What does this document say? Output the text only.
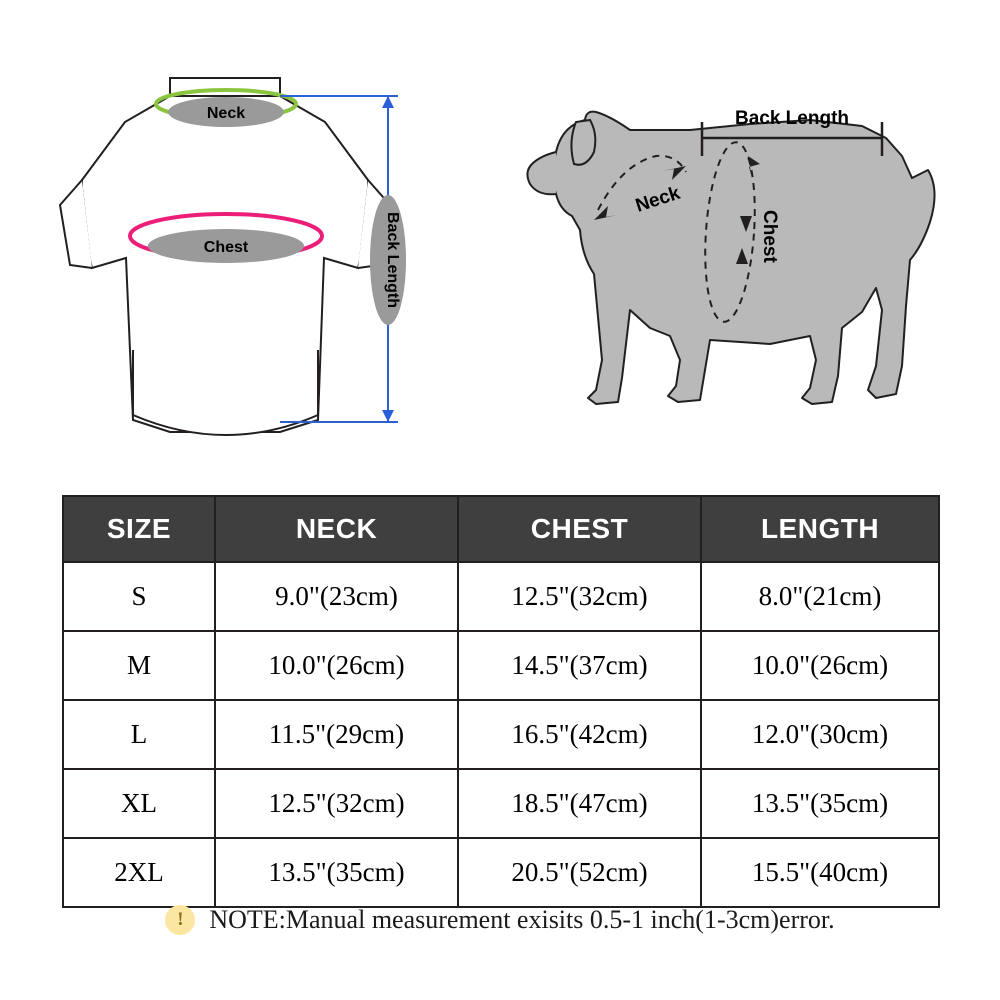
Neck
Chest	Back Length
Neck
Chest
Back Length
SIZE	NECK	CHEST	LENGTH
S	9.0"(23cm)	12.5"(32cm)	8.0"(21cm)
M	10.0"(26cm)	14.5"(37cm)	10.0"(26cm)
L	11.5"(29cm)	16.5"(42cm)	12.0"(30cm)
XL	12.5"(32cm)	18.5"(47cm)	13.5"(35cm)
2XL	13.5"(35cm)	20.5"(52cm)	15.5"(40cm)
! NOTE:Manual measurement exisits 0.5-1 inch(1-3cm)error.
